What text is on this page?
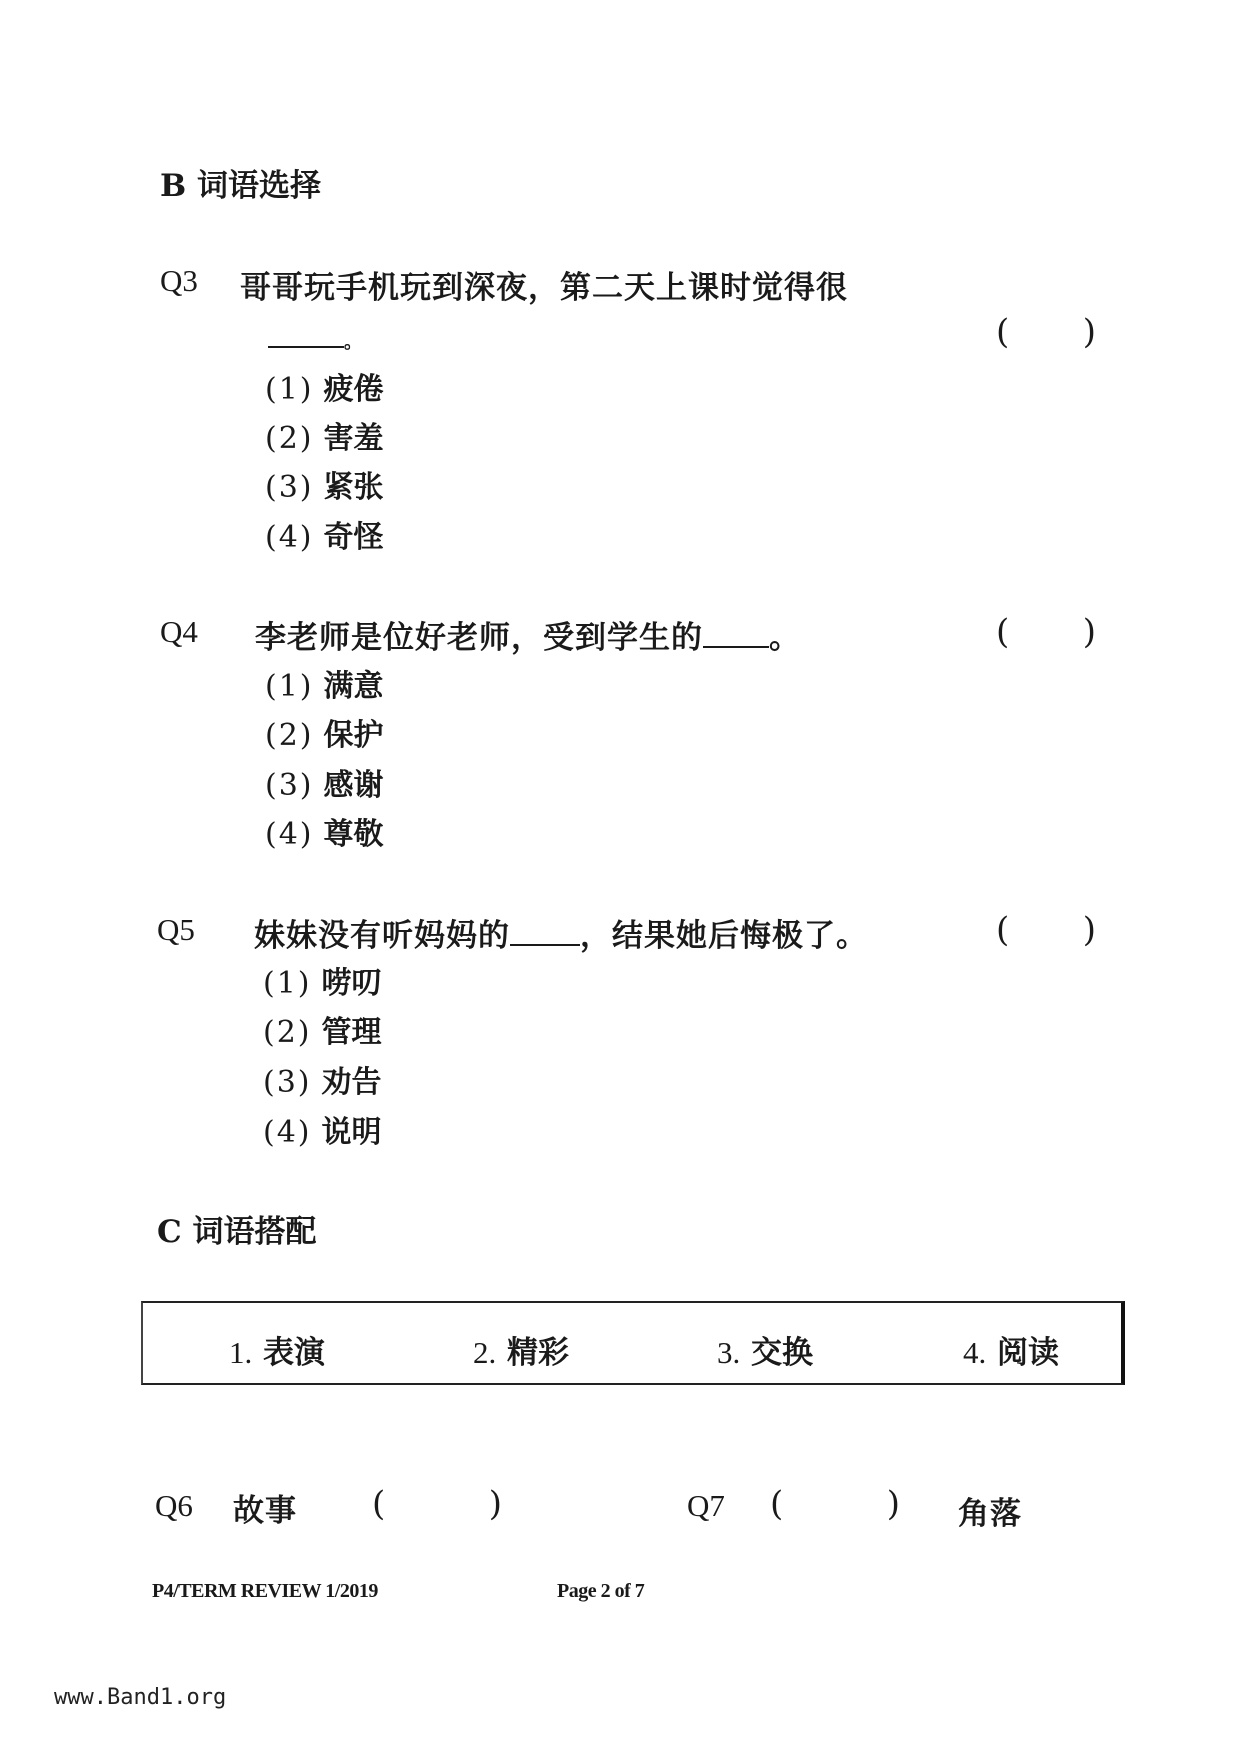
B 词语选择
Q3 哥哥玩手机玩到深夜，第二天上课时觉得很
。	( )
(1) 疲倦
(2) 害羞
(3) 紧张
(4) 奇怪
Q4 李老师是位好老师，受到学生的 。	( )
(1) 满意
(2) 保护
(3) 感谢
(4) 尊敬
Q5 妹妹没有听妈妈的 ，结果她后悔极了。	( )
(1) 唠叨
(2) 管理
(3) 劝告
(4) 说明
C 词语搭配
1. 表演	2. 精彩	3. 交换	4. 阅读
Q6 故事 (	)	Q7 (	) 角落
P4/TERM REVIEW 1/2019	Page 2 of 7
www.Band1.org
